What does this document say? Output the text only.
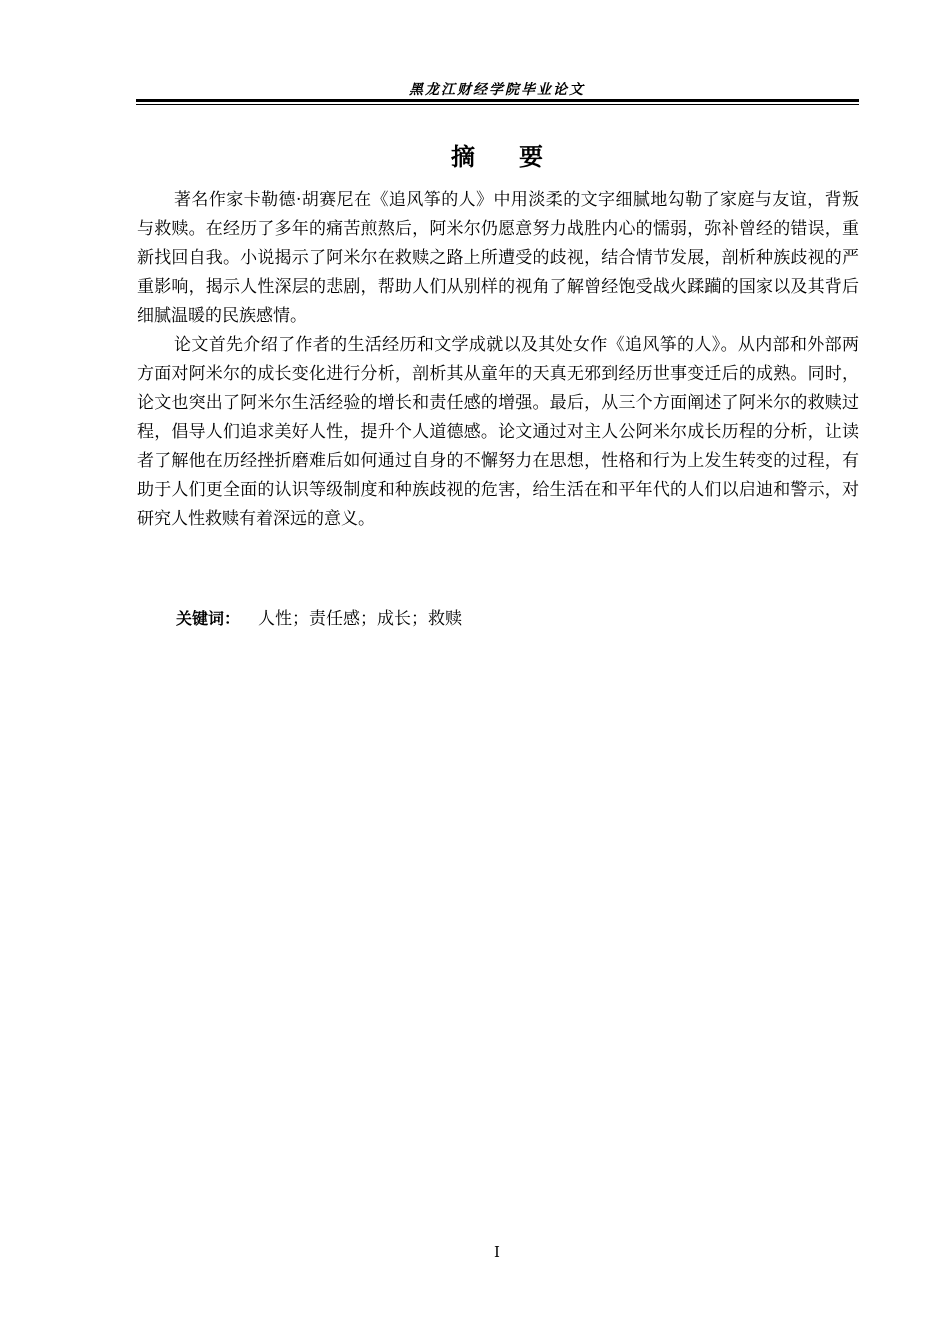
黑龙江财经学院毕业论文
摘要

著名作家卡勒德·胡赛尼在《追风筝的人》中用淡柔的文字细腻地勾勒了家庭与友谊，背叛与救赎。在经历了多年的痛苦煎熬后，阿米尔仍愿意努力战胜内心的懦弱，弥补曾经的错误，重新找回自我。小说揭示了阿米尔在救赎之路上所遭受的歧视，结合情节发展，剖析种族歧视的严重影响，揭示人性深层的悲剧，帮助人们从别样的视角了解曾经饱受战火蹂躏的国家以及其背后细腻温暖的民族感情。

论文首先介绍了作者的生活经历和文学成就以及其处女作《追风筝的人》。从内部和外部两方面对阿米尔的成长变化进行分析，剖析其从童年的天真无邪到经历世事变迁后的成熟。同时，论文也突出了阿米尔生活经验的增长和责任感的增强。最后，从三个方面阐述了阿米尔的救赎过程，倡导人们追求美好人性，提升个人道德感。论文通过对主人公阿米尔成长历程的分析，让读者了解他在历经挫折磨难后如何通过自身的不懈努力在思想，性格和行为上发生转变的过程，有助于人们更全面的认识等级制度和种族歧视的危害，给生活在和平年代的人们以启迪和警示，对研究人性救赎有着深远的意义。

关键词： 人性；责任感；成长；救赎
I
